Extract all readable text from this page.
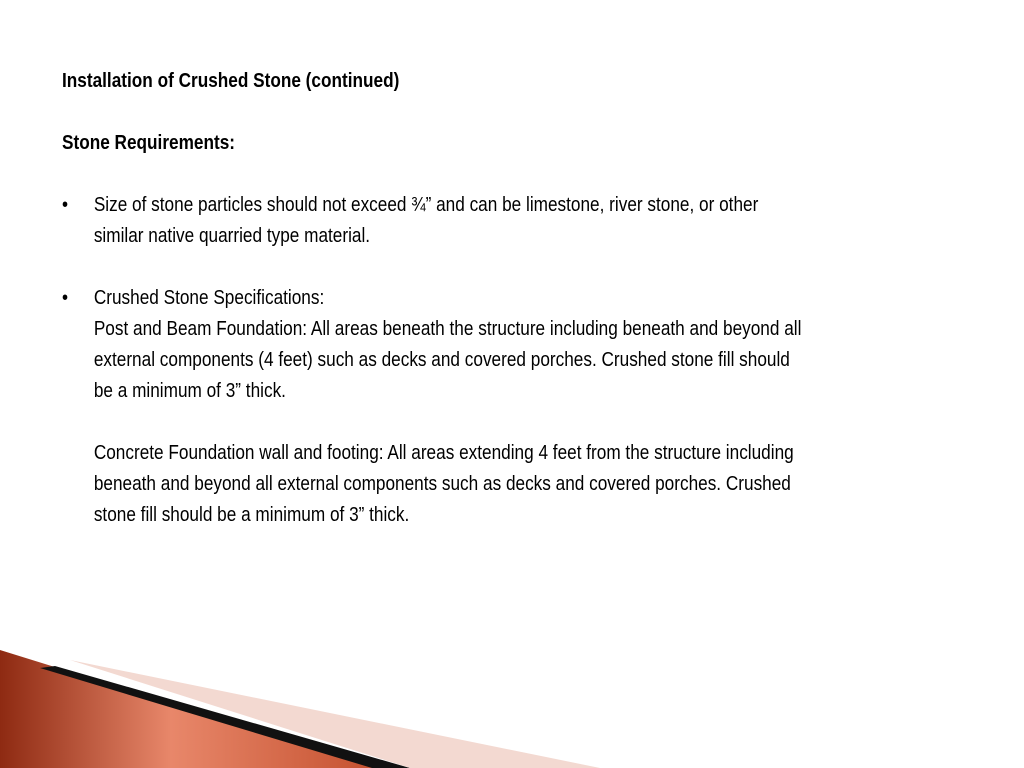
Installation of Crushed Stone (continued)
Stone Requirements:
• Size of stone particles should not exceed ¾” and can be limestone, river stone, or other
similar native quarried type material.
• Crushed Stone Specifications:
Post and Beam Foundation: All areas beneath the structure including beneath and beyond all
external components (4 feet) such as decks and covered porches. Crushed stone fill should
be a minimum of 3” thick.
Concrete Foundation wall and footing: All areas extending 4 feet from the structure including
beneath and beyond all external components such as decks and covered porches. Crushed
stone fill should be a minimum of 3” thick.
